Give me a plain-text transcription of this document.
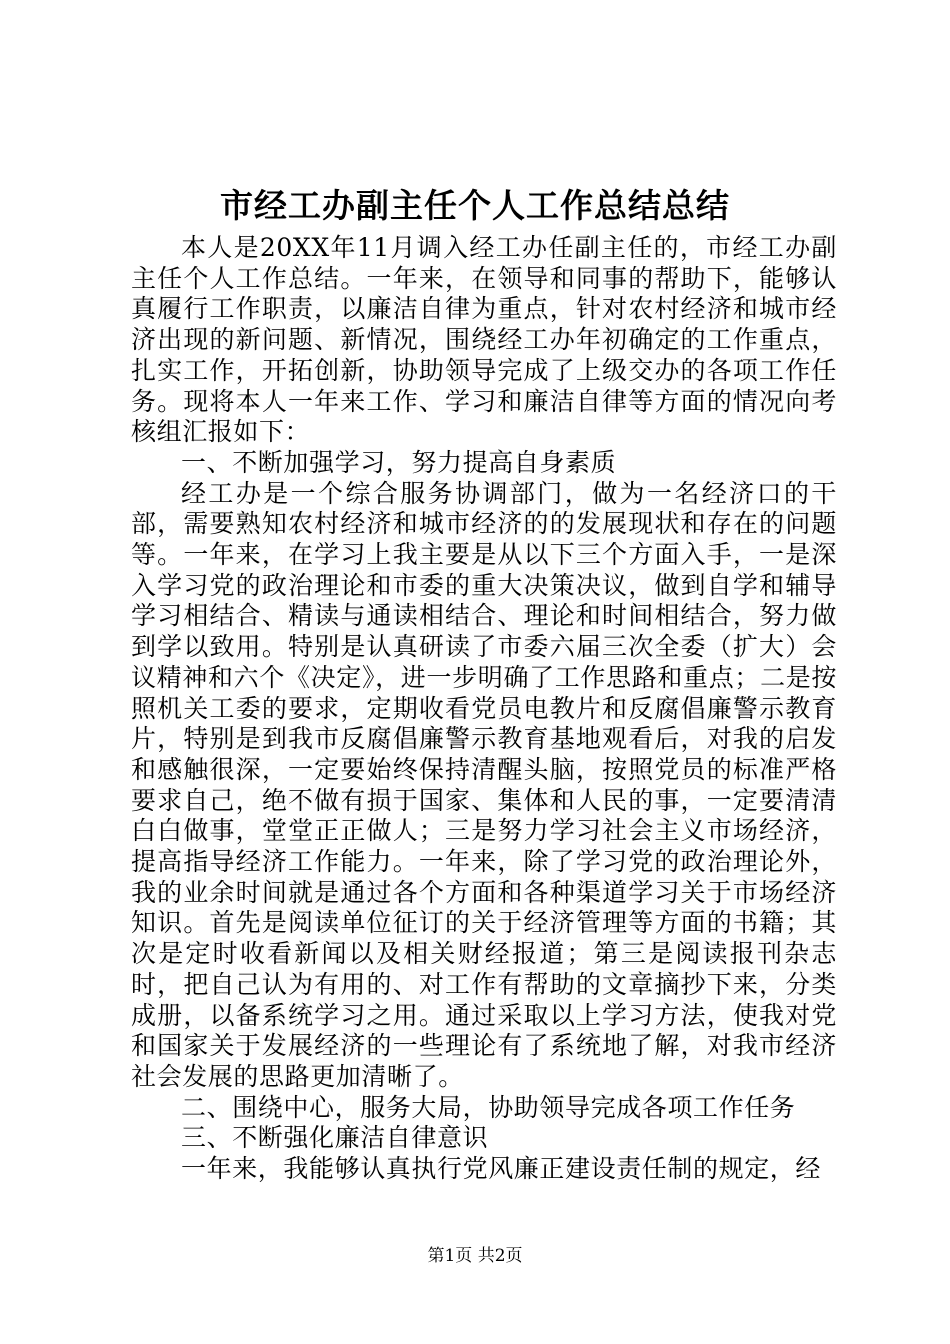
市经工办副主任个人工作总结总结

本人是20XX年11月调入经工办任副主任的，市经工办副主任个人工作总结。一年来，在领导和同事的帮助下，能够认真履行工作职责，以廉洁自律为重点，针对农村经济和城市经济出现的新问题、新情况，围绕经工办年初确定的工作重点，扎实工作，开拓创新，协助领导完成了上级交办的各项工作任务。现将本人一年来工作、学习和廉洁自律等方面的情况向考核组汇报如下：

一、不断加强学习，努力提高自身素质

经工办是一个综合服务协调部门，做为一名经济口的干部，需要熟知农村经济和城市经济的的发展现状和存在的问题等。一年来，在学习上我主要是从以下三个方面入手，一是深入学习党的政治理论和市委的重大决策决议，做到自学和辅导学习相结合、精读与通读相结合、理论和时间相结合，努力做到学以致用。特别是认真研读了市委六届三次全委（扩大）会议精神和六个《决定》，进一步明确了工作思路和重点；二是按照机关工委的要求，定期收看党员电教片和反腐倡廉警示教育片，特别是到我市反腐倡廉警示教育基地观看后，对我的启发和感触很深，一定要始终保持清醒头脑，按照党员的标准严格要求自己，绝不做有损于国家、集体和人民的事，一定要清清白白做事，堂堂正正做人；三是努力学习社会主义市场经济，提高指导经济工作能力。一年来，除了学习党的政治理论外，我的业余时间就是通过各个方面和各种渠道学习关于市场经济知识。首先是阅读单位征订的关于经济管理等方面的书籍；其次是定时收看新闻以及相关财经报道；第三是阅读报刊杂志时，把自己认为有用的、对工作有帮助的文章摘抄下来，分类成册，以备系统学习之用。通过采取以上学习方法，使我对党和国家关于发展经济的一些理论有了系统地了解，对我市经济社会发展的思路更加清晰了。

二、围绕中心，服务大局，协助领导完成各项工作任务

三、不断强化廉洁自律意识

一年来，我能够认真执行党风廉正建设责任制的规定，经

第1页 共2页
